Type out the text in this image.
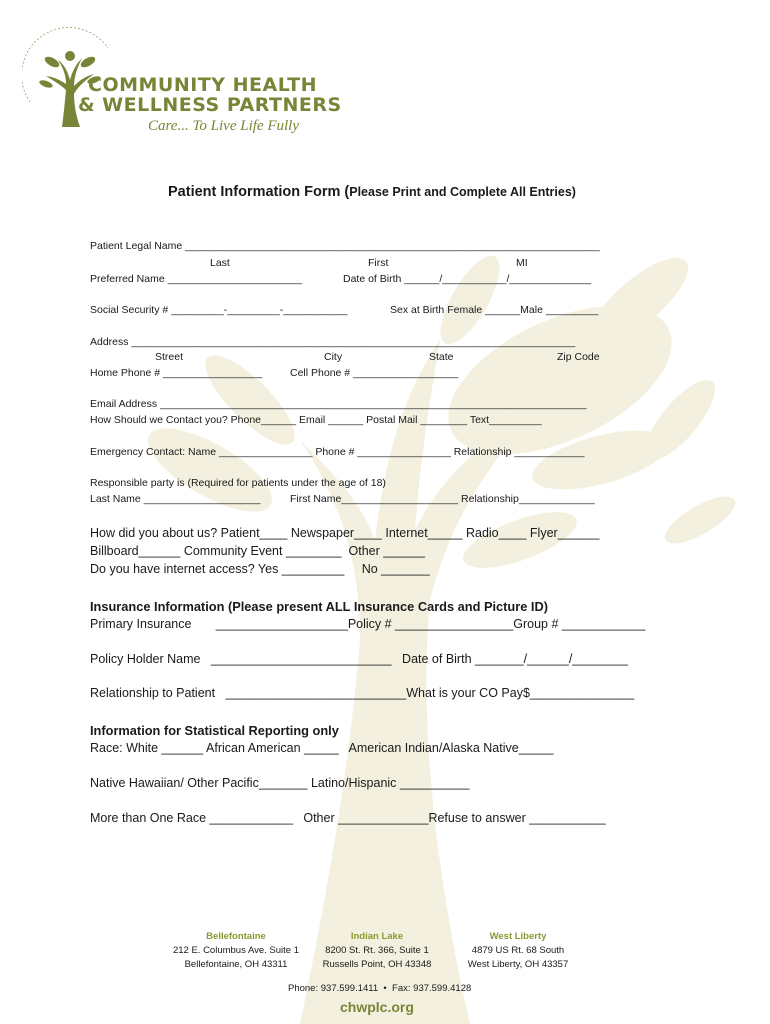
COMMUNITY HEALTH
& WELLNESS PARTNERS
Care... To Live Life Fully
Patient Information Form (Please Print and Complete All Entries)
Patient Legal Name _______________________________________________________________________
Last	First	MI
Preferred Name _______________________	Date of Birth ______/___________/______________
Social Security # _________-_________-___________	Sex at Birth Female ______Male _________
Address ____________________________________________________________________________
Street	City	State	Zip Code
Home Phone # _________________	Cell Phone # __________________
Email Address _________________________________________________________________________
How Should we Contact you? Phone______ Email ______ Postal Mail ________ Text_________
Emergency Contact: Name ________________ Phone # ________________ Relationship ____________
Responsible party is (Required for patients under the age of 18)
Last Name ____________________	First Name____________________ Relationship_____________
How did you about us? Patient____ Newspaper____ Internet_____ Radio____ Flyer______
Billboard______ Community Event ________  Other ______
Do you have internet access? Yes _________     No _______
Insurance Information (Please present ALL Insurance Cards and Picture ID)
Primary Insurance       ___________________Policy # _________________Group # ____________
Policy Holder Name   __________________________   Date of Birth _______/______/________
Relationship to Patient   __________________________What is your CO Pay$_______________
Information for Statistical Reporting only
Race: White ______ African American _____   American Indian/Alaska Native_____
Native Hawaiian/ Other Pacific_______ Latino/Hispanic __________
More than One Race ____________   Other _____________Refuse to answer ___________
Bellefontaine
212 E. Columbus Ave. Suite 1
Bellefontaine, OH 43311
Indian Lake
8200 St. Rt. 366, Suite 1
Russells Point, OH 43348
West Liberty
4879 US Rt. 68 South
West Liberty, OH 43357
Phone: 937.599.1411  •  Fax: 937.599.4128
chwplc.org
